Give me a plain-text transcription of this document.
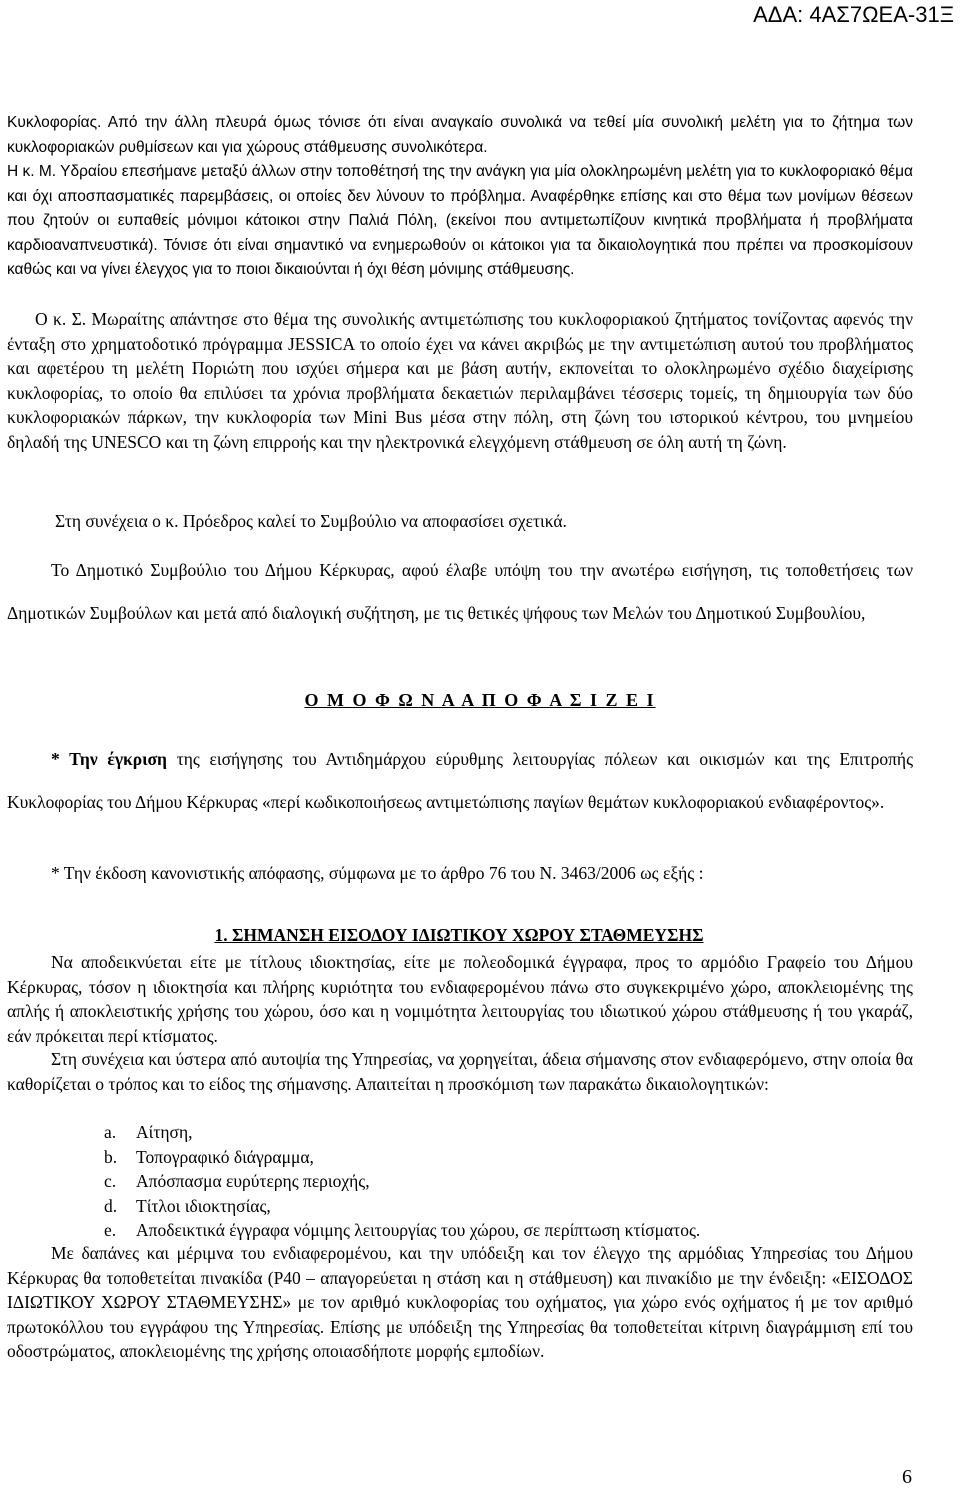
ΑΔΑ: 4ΑΣ7ΩΕΑ-31Ξ

Κυκλοφορίας. Από την άλλη πλευρά όμως τόνισε ότι είναι αναγκαίο συνολικά να τεθεί μία συνολική μελέτη για το ζήτημα των κυκλοφοριακών ρυθμίσεων και για χώρους στάθμευσης συνολικότερα.

Η κ. Μ. Υδραίου επεσήμανε μεταξύ άλλων στην τοποθέτησή της την ανάγκη για μία ολοκληρωμένη μελέτη για το κυκλοφοριακό θέμα και όχι αποσπασματικές παρεμβάσεις, οι οποίες δεν λύνουν το πρόβλημα. Αναφέρθηκε επίσης και στο θέμα των μονίμων θέσεων που ζητούν οι ευπαθείς μόνιμοι κάτοικοι στην Παλιά Πόλη, (εκείνοι που αντιμετωπίζουν κινητικά προβλήματα ή προβλήματα καρδιοαναπνευστικά). Τόνισε ότι είναι σημαντικό να ενημερωθούν οι κάτοικοι για τα δικαιολογητικά που πρέπει να προσκομίσουν καθώς και να γίνει έλεγχος για το ποιοι δικαιούνται ή όχι θέση μόνιμης στάθμευσης.

Ο κ. Σ. Μωραίτης απάντησε στο θέμα της συνολικής αντιμετώπισης του κυκλοφοριακού ζητήματος τονίζοντας αφενός την ένταξη στο χρηματοδοτικό πρόγραμμα JESSICA το οποίο έχει να κάνει ακριβώς με την αντιμετώπιση αυτού του προβλήματος και αφετέρου τη μελέτη Ποριώτη που ισχύει σήμερα και με βάση αυτήν, εκπονείται το ολοκληρωμένο σχέδιο διαχείρισης κυκλοφορίας, το οποίο θα επιλύσει τα χρόνια προβλήματα δεκαετιών περιλαμβάνει τέσσερις τομείς, τη δημιουργία των δύο κυκλοφοριακών πάρκων, την κυκλοφορία των Mini Bus μέσα στην πόλη, στη ζώνη του ιστορικού κέντρου, του μνημείου δηλαδή της UNESCO και τη ζώνη επιρροής και την ηλεκτρονικά ελεγχόμενη στάθμευση σε όλη αυτή τη ζώνη.

Στη συνέχεια ο κ. Πρόεδρος καλεί το Συμβούλιο να αποφασίσει σχετικά.

Το Δημοτικό Συμβούλιο του Δήμου Κέρκυρας, αφού έλαβε υπόψη του την ανωτέρω εισήγηση, τις τοποθετήσεις των Δημοτικών Συμβούλων και μετά από διαλογική συζήτηση, με τις θετικές ψήφους των Μελών του Δημοτικού Συμβουλίου,

Ο Μ Ο Φ Ω Ν Α Α Π Ο Φ Α Σ Ι Ζ Ε Ι

* Την έγκριση της εισήγησης του Αντιδημάρχου εύρυθμης λειτουργίας πόλεων και οικισμών και της Επιτροπής Κυκλοφορίας του Δήμου Κέρκυρας «περί κωδικοποιήσεως αντιμετώπισης παγίων θεμάτων κυκλοφοριακού ενδιαφέροντος».

* Την έκδοση κανονιστικής απόφασης, σύμφωνα με το άρθρο 76 του Ν. 3463/2006 ως εξής :

1. ΣΗΜΑΝΣΗ ΕΙΣΟΔΟΥ ΙΔΙΩΤΙΚΟΥ ΧΩΡΟΥ ΣΤΑΘΜΕΥΣΗΣ

Να αποδεικνύεται είτε με τίτλους ιδιοκτησίας, είτε με πολεοδομικά έγγραφα, προς το αρμόδιο Γραφείο του Δήμου Κέρκυρας, τόσον η ιδιοκτησία και πλήρης κυριότητα του ενδιαφερομένου πάνω στο συγκεκριμένο χώρο, αποκλειομένης της απλής ή αποκλειστικής χρήσης του χώρου, όσο και η νομιμότητα λειτουργίας του ιδιωτικού χώρου στάθμευσης ή του γκαράζ, εάν πρόκειται περί κτίσματος.

Στη συνέχεια και ύστερα από αυτοψία της Υπηρεσίας, να χορηγείται, άδεια σήμανσης στον ενδιαφερόμενο, στην οποία θα καθορίζεται ο τρόπος και το είδος της σήμανσης. Απαιτείται η προσκόμιση των παρακάτω δικαιολογητικών:

a.	Αίτηση,
b.	Τοπογραφικό διάγραμμα,
c.	Απόσπασμα ευρύτερης περιοχής,
d.	Τίτλοι ιδιοκτησίας,
e.	Αποδεικτικά έγγραφα νόμιμης λειτουργίας του χώρου, σε περίπτωση κτίσματος.

Με δαπάνες και μέριμνα του ενδιαφερομένου, και την υπόδειξη και τον έλεγχο της αρμόδιας Υπηρεσίας του Δήμου Κέρκυρας θα τοποθετείται πινακίδα (Ρ40 – απαγορεύεται η στάση και η στάθμευση) και πινακίδιο με την ένδειξη: «ΕΙΣΟΔΟΣ ΙΔΙΩΤΙΚΟΥ ΧΩΡΟΥ ΣΤΑΘΜΕΥΣΗΣ» με τον αριθμό κυκλοφορίας του οχήματος, για χώρο ενός οχήματος ή με τον αριθμό πρωτοκόλλου του εγγράφου της Υπηρεσίας. Επίσης με υπόδειξη της Υπηρεσίας θα τοποθετείται κίτρινη διαγράμμιση επί του οδοστρώματος, αποκλειομένης της χρήσης οποιασδήποτε μορφής εμποδίων.

6
